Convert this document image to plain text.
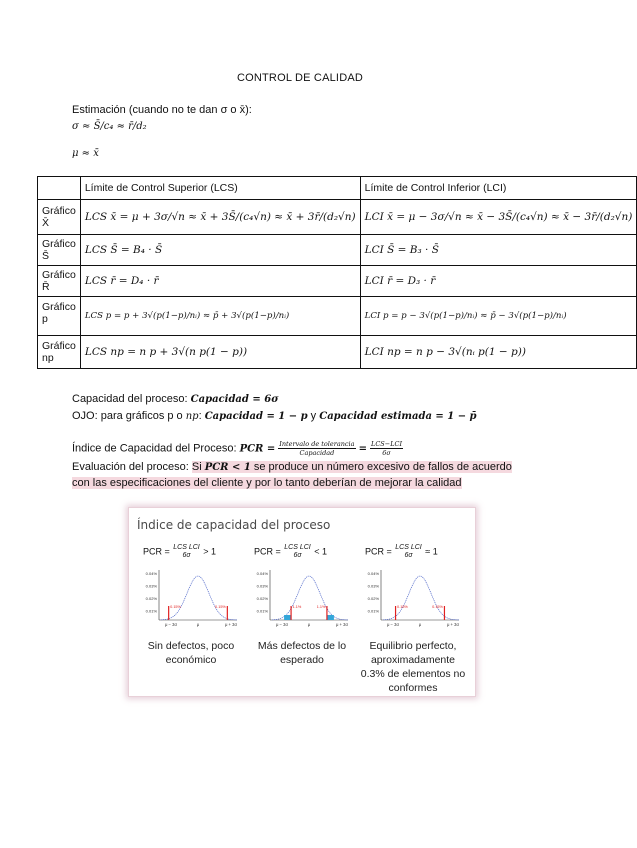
CONTROL DE CALIDAD
Estimación (cuando no te dan σ o x̄):
σ ≈ S̄/c₄ ≈ r̄/d₂
μ ≈ x̄
	Límite de Control Superior (LCS)	Límite de Control Inferior (LCI)
Gráfico X̄	LCS x̄ = μ + 3σ/√n ≈ x̄ + 3S̄/(c₄√n) ≈ x̄ + 3r̄/(d₂√n)	LCI x̄ = μ − 3σ/√n ≈ x̄ − 3S̄/(c₄√n) ≈ x̄ − 3r̄/(d₂√n)
Gráfico S̄	LCS S̄ = B₄ · S̄	LCI S̄ = B₃ · S̄
Gráfico R̄	LCS r̄ = D₄ · r̄	LCI r̄ = D₃ · r̄
Gráfico p	LCS p = p + 3√(p(1−p)/nᵢ) ≈ p̄ + 3√(p(1−p)/nᵢ)	LCI p = p − 3√(p(1−p)/nᵢ) ≈ p̄ − 3√(p(1−p)/nᵢ)
Gráfico np	LCS np = n p + 3√(n p(1 − p))	LCI np = n p − 3√(nᵢ p(1 − p))
Capacidad del proceso: Capacidad = 6σ
OJO: para gráficos p o np: Capacidad = 1 − p y Capacidad estimada = 1 − p̄
Índice de Capacidad del Proceso: PCR = $\frac{\text{Intervalo de tolerancia}}{\text{Capacidad}} = \frac{\text{LCS−LCI}}{6\sigma}$
Evaluación del proceso: Si PCR < 1 se produce un número excesivo de fallos de acuerdo
con las especificaciones del cliente y por lo tanto deberían de mejorar la calidad
Índice de capacidad del proceso
PCR = LCS LCI
6σ	> 1
0.04%
0.03%
0.02%
0.01%
0.15%	0.15%
μ − 3σ	μ	μ + 3σ
Sin defectos, poco económico
PCR = LCS LCI
6σ	< 1
0.04%
0.03%
0.02%
0.01%
1.1%	1.1%
μ − 3σ	μ	μ + 3σ
Más defectos de lo esperado
PCR = LCS LCI
6σ	≈ 1
0.04%
0.03%
0.02%
0.01%
0.15%	0.15%
μ − 3σ	μ	μ + 3σ
Equilibrio perfecto, aproximadamente 0.3% de elementos no conformes
